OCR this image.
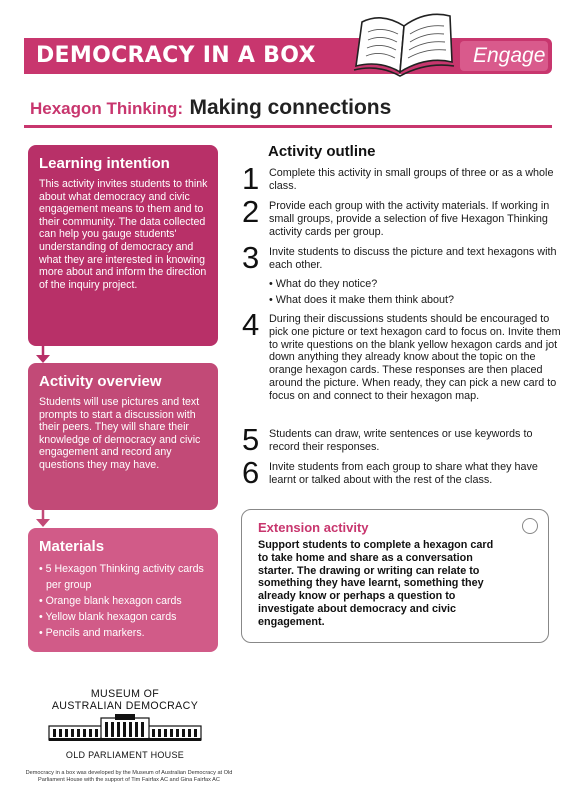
DEMOCRACY IN A BOX	Engage
Hexagon Thinking: Making connections
Learning intention

This activity invites students to think about what democracy and civic engagement means to them and to their community. The data collected can help you gauge students' understanding of democracy and what they are interested in knowing more about and inform the direction of the inquiry project.

Activity overview

Students will use pictures and text prompts to start a discussion with their peers. They will share their knowledge of democracy and civic engagement and record any questions they may have.

Materials
• 5 Hexagon Thinking activity cards per group
• Orange blank hexagon cards
• Yellow blank hexagon cards
• Pencils and markers.
Activity outline
1 Complete this activity in small groups of three or as a whole class.
2 Provide each group with the activity materials. If working in small groups, provide a selection of five Hexagon Thinking activity cards per group.
3 Invite students to discuss the picture and text hexagons with each other.
• What do they notice?
• What does it make them think about?
4 During their discussions students should be encouraged to pick one picture or text hexagon card to focus on. Invite them to write questions on the blank yellow hexagon cards and jot down anything they already know about the topic on the orange hexagon cards. These responses are then placed around the picture. When ready, they can pick a new card to focus on and connect to their hexagon map.
5 Students can draw, write sentences or use keywords to record their responses.
6 Invite students from each group to share what they have learnt or talked about with the rest of the class.
Extension activity

Support students to complete a hexagon card to take home and share as a conversation starter. The drawing or writing can relate to something they have learnt, something they already know or perhaps a question to investigate about democracy and civic engagement.

MUSEUM OF
AUSTRALIAN DEMOCRACY
OLD PARLIAMENT HOUSE
Democracy in a box was developed by the Museum of Australian Democracy at Old Parliament House with the support of Tim Fairfax AC and Gina Fairfax AC
